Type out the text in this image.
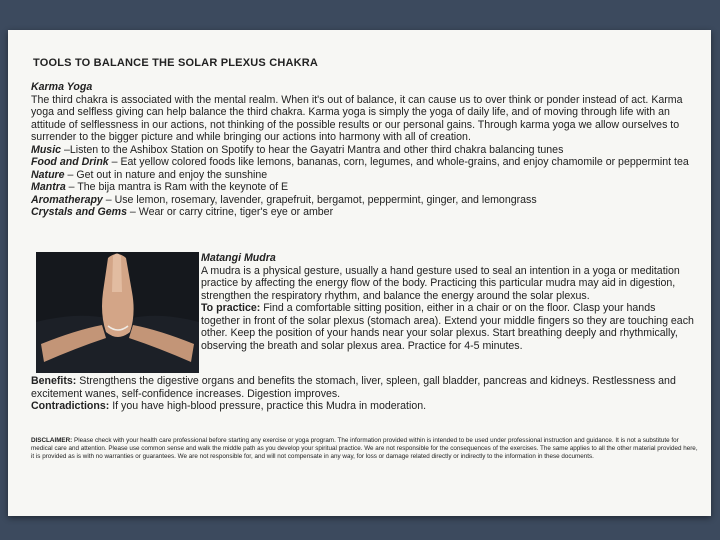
TOOLS TO BALANCE THE SOLAR PLEXUS CHAKRA

Karma Yoga

The third chakra is associated with the mental realm. When it's out of balance, it can cause us to over think or ponder instead of act. Karma yoga and selfless giving can help balance the third chakra. Karma yoga is simply the yoga of daily life, and of moving through life with an attitude of selflessness in our actions, not thinking of the possible results or our personal gains. Through karma yoga we allow ourselves to surrender to the bigger picture and while bringing our actions into harmony with all of creation.

Music –Listen to the Ashibox Station on Spotify to hear the Gayatri Mantra and other third chakra balancing tunes

Food and Drink – Eat yellow colored foods like lemons, bananas, corn, legumes, and whole-grains, and enjoy chamomile or peppermint tea

Nature – Get out in nature and enjoy the sunshine

Mantra – The bija mantra is Ram with the keynote of E

Aromatherapy – Use lemon, rosemary, lavender, grapefruit, bergamot, peppermint, ginger, and lemongrass

Crystals and Gems – Wear or carry citrine, tiger's eye or amber

Matangi Mudra

A mudra is a physical gesture, usually a hand gesture used to seal an intention in a yoga or meditation practice by affecting the energy flow of the body. Practicing this particular mudra may aid in digestion, strengthen the respiratory rhythm, and balance the energy around the solar plexus.

To practice: Find a comfortable sitting position, either in a chair or on the floor. Clasp your hands together in front of the solar plexus (stomach area). Extend your middle fingers so they are touching each other. Keep the position of your hands near your solar plexus. Start breathing deeply and rhythmically, observing the breath and solar plexus area. Practice for 4-5 minutes.

Benefits: Strengthens the digestive organs and benefits the stomach, liver, spleen, gall bladder, pancreas and kidneys. Restlessness and excitement wanes, self-confidence increases. Digestion improves.

Contradictions: If you have high-blood pressure, practice this Mudra in moderation.

DISCLAIMER: Please check with your health care professional before starting any exercise or yoga program. The information provided within is intended to be used under professional instruction and guidance. It is not a substitute for medical care and attention. Please use common sense and walk the middle path as you develop your spiritual practice. We are not responsible for the consequences of the exercises. The same applies to all the other material provided here, it is provided as is with no warranties or guarantees. We are not responsible for, and will not compensate in any way, for loss or damage related directly or indirectly to the information in these documents.
